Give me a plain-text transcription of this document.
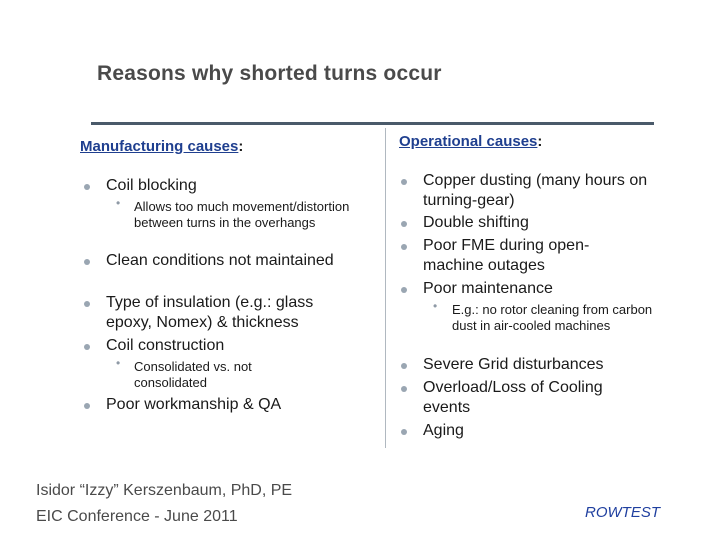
Reasons why shorted turns occur
Manufacturing causes:
Coil blocking
• Allows too much movement/distortion between turns in the overhangs
Clean conditions not maintained
Type of insulation (e.g.: glass epoxy, Nomex) & thickness
Coil construction
• Consolidated vs. not consolidated
Poor workmanship & QA
Operational causes:
Copper dusting (many hours on turning-gear)
Double shifting
Poor FME during open-machine outages
Poor maintenance
• E.g.: no rotor cleaning from carbon dust in air-cooled machines
Severe Grid disturbances
Overload/Loss of Cooling events
Aging
Isidor “Izzy” Kerszenbaum, PhD, PE
EIC Conference - June 2011	ROWTEST
